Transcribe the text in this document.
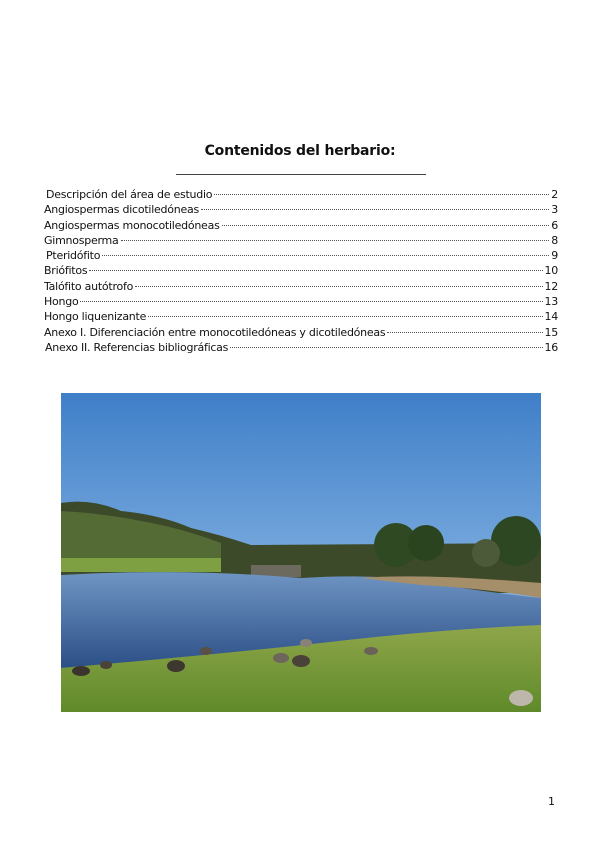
Contenidos del herbario:
Descripción del área de estudio	2
Angiospermas dicotiledóneas	3
Angiospermas monocotiledóneas	6
Gimnosperma	8
Pteridófito	9
Briófitos	10
Talófito autótrofo	12
Hongo	13
Hongo liquenizante	14
Anexo I. Diferenciación entre monocotiledóneas y dicotiledóneas	15
Anexo II. Referencias bibliográficas	16
1
